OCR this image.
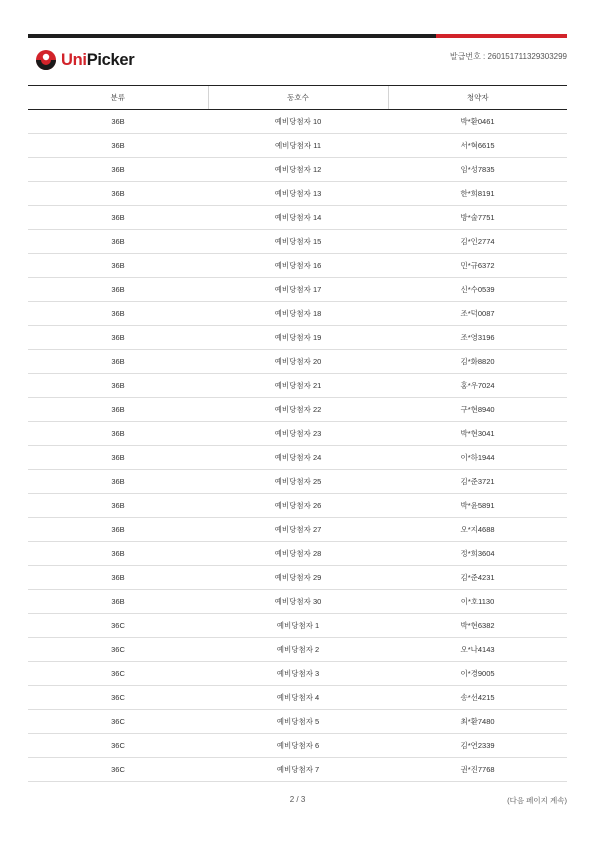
UniPicker	발급번호 : 260151711329303299
분류	동호수	청약자
36B	예비당첨자 10	박*환0461
36B	예비당첨자 11	서*혁6615
36B	예비당첨자 12	임*성7835
36B	예비당첨자 13	한*희8191
36B	예비당첨자 14	방*술7751
36B	예비당첨자 15	김*인2774
36B	예비당첨자 16	민*규6372
36B	예비당첨자 17	신*수0539
36B	예비당첨자 18	조*덕0087
36B	예비당첨자 19	조*영3196
36B	예비당첨자 20	김*화8820
36B	예비당첨자 21	홍*우7024
36B	예비당첨자 22	구*현8940
36B	예비당첨자 23	박*현3041
36B	예비당첨자 24	이*하1944
36B	예비당첨자 25	김*준3721
36B	예비당첨자 26	박*윤5891
36B	예비당첨자 27	오*지4688
36B	예비당첨자 28	정*희3604
36B	예비당첨자 29	김*준4231
36B	예비당첨자 30	이*호1130
36C	예비당첨자 1	박*현6382
36C	예비당첨자 2	오*나4143
36C	예비당첨자 3	이*경9005
36C	예비당첨자 4	송*선4215
36C	예비당첨자 5	최*환7480
36C	예비당첨자 6	김*연2339
36C	예비당첨자 7	권*진7768
2 / 3	(다음 페이지 계속)
